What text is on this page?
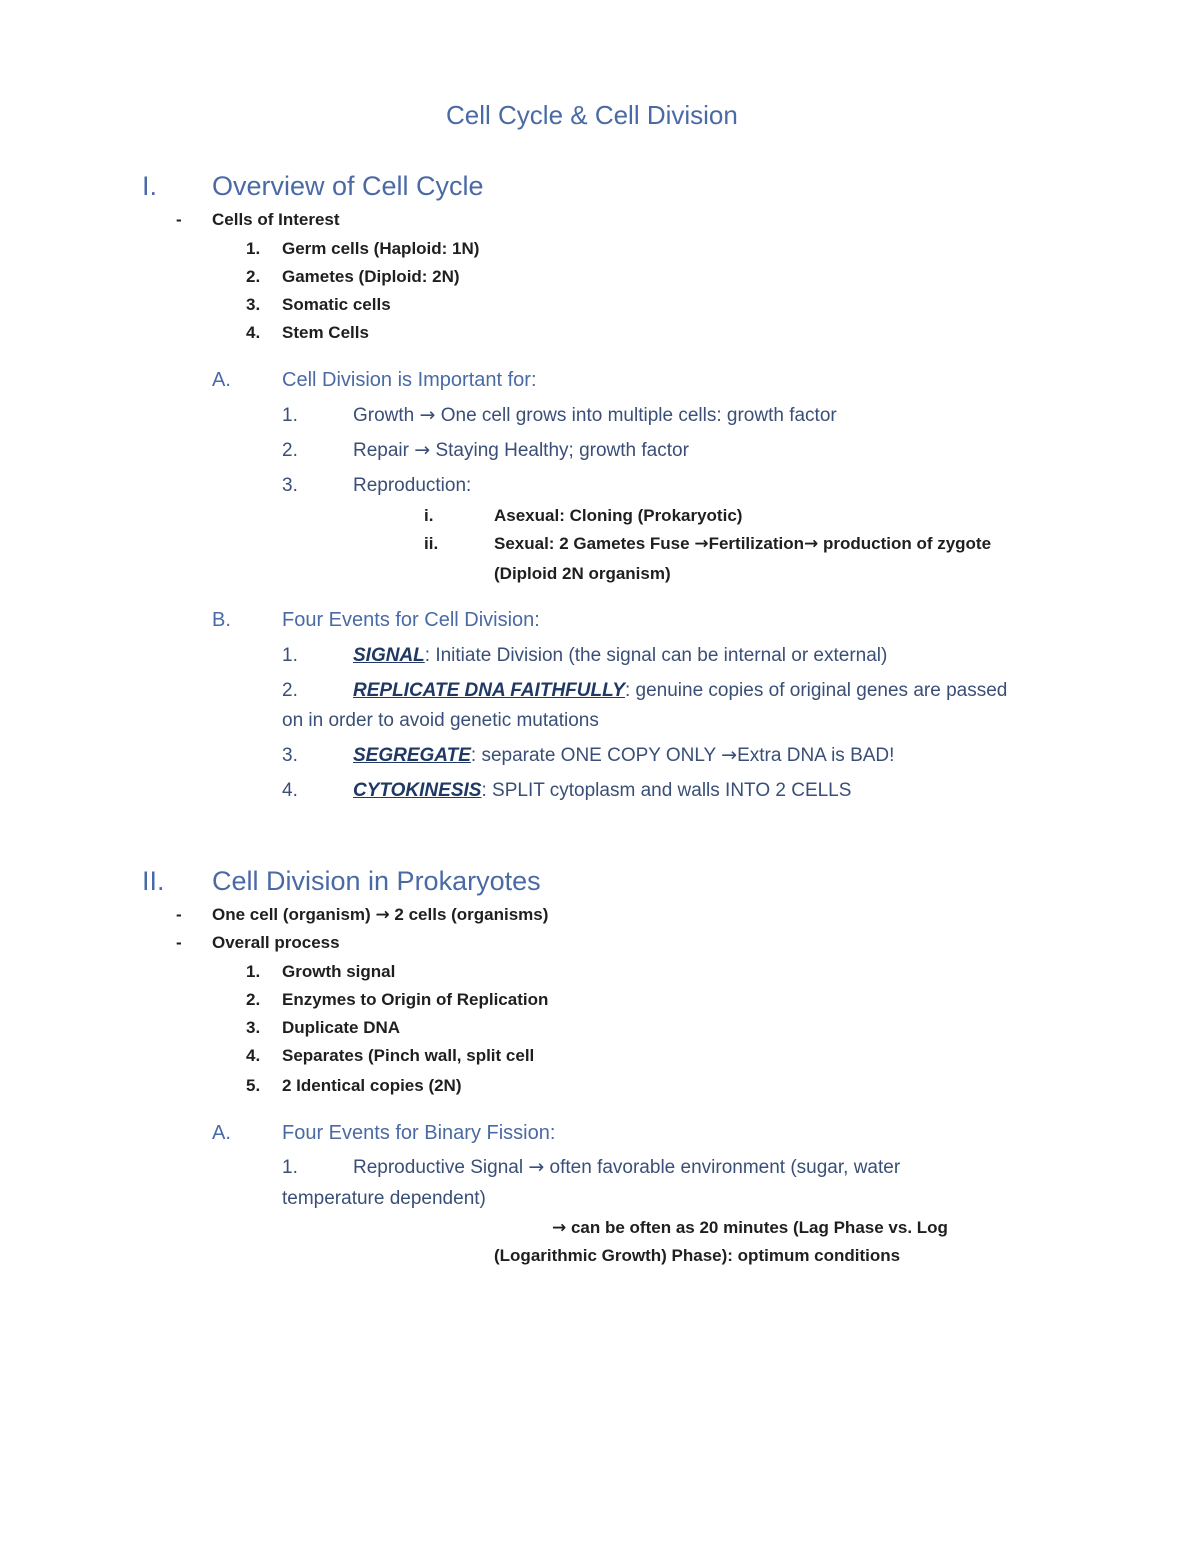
Cell Cycle & Cell Division
I. Overview of Cell Cycle
- Cells of Interest
1. Germ cells (Haploid: 1N)
2. Gametes (Diploid: 2N)
3. Somatic cells
4. Stem Cells
A.	Cell Division is Important for:
1.	Growth → One cell grows into multiple cells: growth factor
2.	Repair → Staying Healthy; growth factor
3.	Reproduction:
i.	Asexual: Cloning (Prokaryotic)
ii.	Sexual: 2 Gametes Fuse →Fertilization→ production of zygote
(Diploid 2N organism)
B.	Four Events for Cell Division:
1.	SIGNAL: Initiate Division (the signal can be internal or external)
2.	REPLICATE DNA FAITHFULLY: genuine copies of original genes are passed
on in order to avoid genetic mutations
3.	SEGREGATE: separate ONE COPY ONLY →Extra DNA is BAD!
4.	CYTOKINESIS: SPLIT cytoplasm and walls INTO 2 CELLS
II. Cell Division in Prokaryotes
- One cell (organism) → 2 cells (organisms)
- Overall process
1. Growth signal
2. Enzymes to Origin of Replication
3. Duplicate DNA
4. Separates (Pinch wall, split cell
5. 2 Identical copies (2N)
A.	Four Events for Binary Fission:
1.	Reproductive Signal → often favorable environment (sugar, water
temperature dependent)
→ can be often as 20 minutes (Lag Phase vs. Log
(Logarithmic Growth) Phase): optimum conditions
